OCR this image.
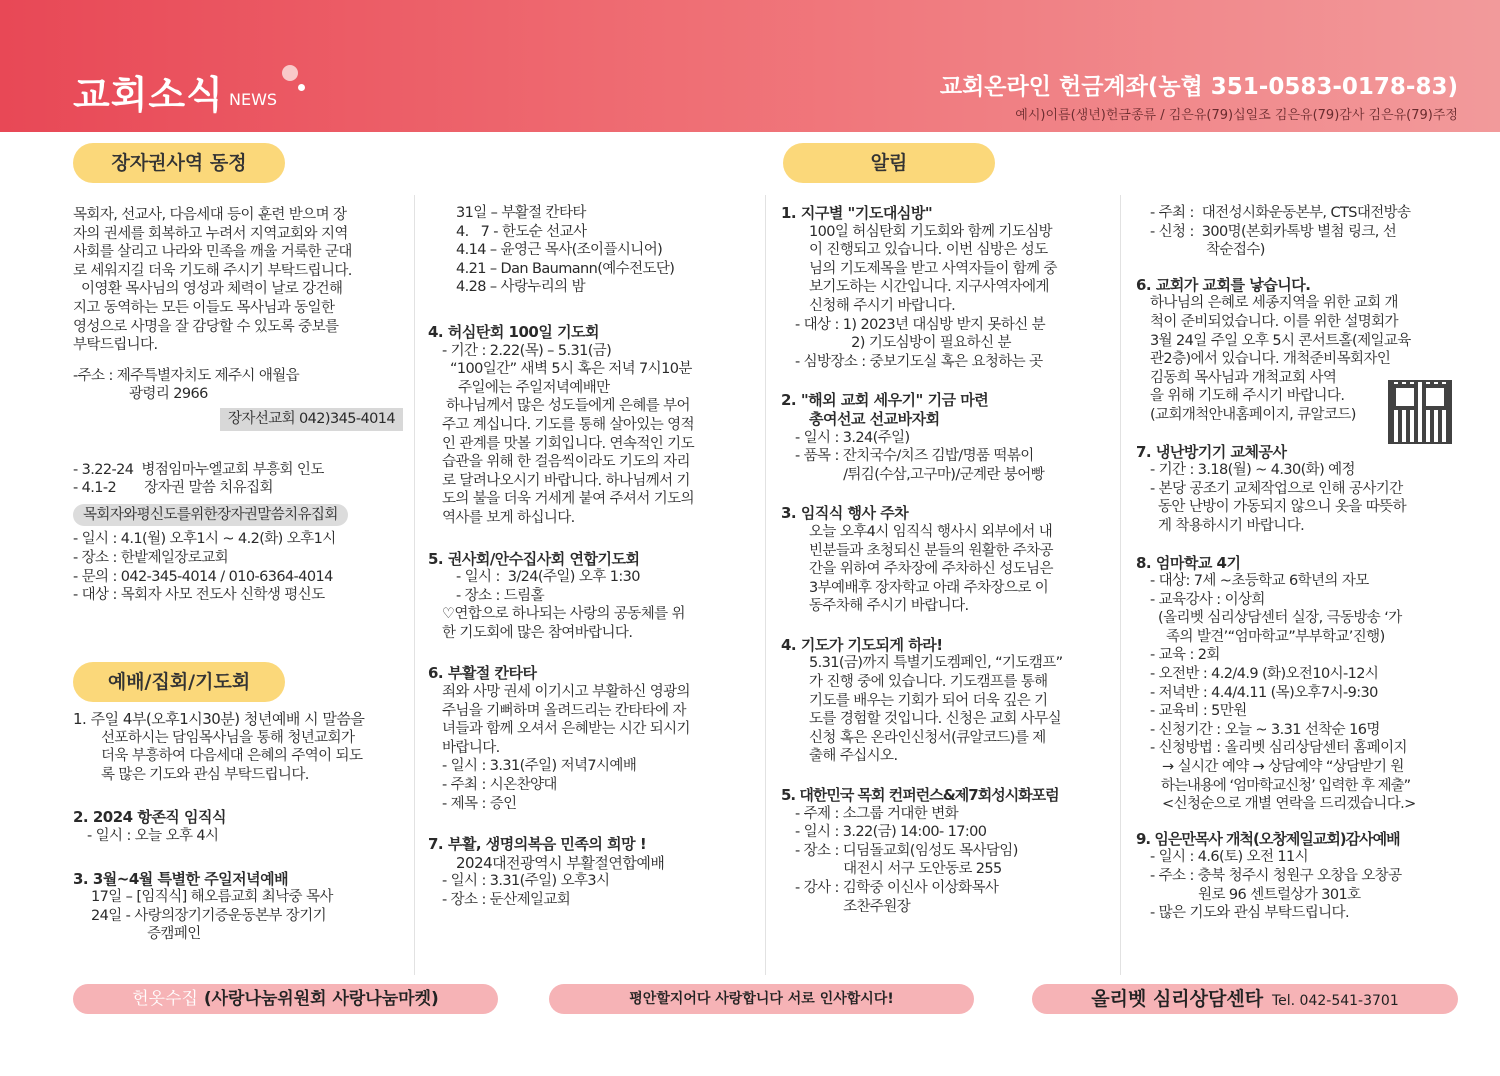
교회소식 NEWS	교회온라인 헌금계좌(농협 351-0583-0178-83)
예시)이름(생년)헌금종류 / 김은유(79)십일조 김은유(79)감사 김은유(79)주정
장자권사역 동정	알림

목회자, 선교사, 다음세대 등이 훈련 받으며 장

자의 권세를 회복하고 누려서 지역교회와 지역

사회를 살리고 나라와 민족을 깨울 거룩한 군대

로 세워지길 더욱 기도해 주시기 부탁드립니다.

이영환 목사님의 영성과 체력이 날로 강건해

지고 동역하는 모든 이들도 목사님과 동일한

영성으로 사명을 잘 감당할 수 있도록 중보를

부탁드립니다.

-주소 : 제주특별자치도 제주시 애월읍

광령리 2966

장자선교회 042)345-4014

- 3.22-24  병점임마누엘교회 부흥회 인도

- 4.1-2       장자권 말씀 치유집회

목회자와평신도를위한장자권말씀치유집회

- 일시 : 4.1(월) 오후1시 ~ 4.2(화) 오후1시

- 장소 : 한밭제일장로교회

- 문의 : 042-345-4014 / 010-6364-4014

- 대상 : 목회자 사모 전도사 신학생 평신도

예배/집회/기도회

1. 주일 4부(오후1시30분) 청년예배 시 말씀을

선포하시는 담임목사님을 통해 청년교회가

더욱 부흥하여 다음세대 은혜의 주역이 되도

록 많은 기도와 관심 부탁드립니다.

2. 2024 항존직 임직식

- 일시 : 오늘 오후 4시

3. 3월~4월 특별한 주일저녁예배

17일 – [임직식] 해오름교회 최낙중 목사

24일 - 사랑의장기기증운동본부 장기기

증캠페인

31일 – 부활절 칸타타

4.   7 - 한도순 선교사

4.14 – 윤영근 목사(조이플시니어)

4.21 – Dan Baumann(예수전도단)

4.28 – 사랑누리의 밤

4. 허심탄회 100일 기도회

- 기간 : 2.22(목) – 5.31(금)

“100일간” 새벽 5시 혹은 저녁 7시10분

주일에는 주일저녁예배만

하나님께서 많은 성도들에게 은혜를 부어

주고 계십니다. 기도를 통해 살아있는 영적

인 관계를 맛볼 기회입니다. 연속적인 기도

습관을 위해 한 걸음씩이라도 기도의 자리

로 달려나오시기 바랍니다. 하나님께서 기

도의 불을 더욱 거세게 붙여 주셔서 기도의

역사를 보게 하십니다.

5. 권사회/안수집사회 연합기도회

- 일시 :  3/24(주일) 오후 1:30

- 장소 : 드림홀

♡연합으로 하나되는 사랑의 공동체를 위

한 기도회에 많은 참여바랍니다.

6. 부활절 칸타타

죄와 사망 권세 이기시고 부활하신 영광의

주님을 기뻐하며 올려드리는 칸타타에 자

녀들과 함께 오셔서 은혜받는 시간 되시기

바랍니다.

- 일시 : 3.31(주일) 저녁7시예배

- 주최 : 시온찬양대

- 제목 : 증인

7. 부활, 생명의복음 민족의 희망 !

2024대전광역시 부활절연합예배

- 일시 : 3.31(주일) 오후3시

- 장소 : 둔산제일교회

1. 지구별 "기도대심방"

100일 허심탄회 기도회와 함께 기도심방

이 진행되고 있습니다. 이번 심방은 성도

님의 기도제목을 받고 사역자들이 함께 중

보기도하는 시간입니다. 지구사역자에게

신청해 주시기 바랍니다.

- 대상 : 1) 2023년 대심방 받지 못하신 분

2) 기도심방이 필요하신 분

- 심방장소 : 중보기도실 혹은 요청하는 곳

2. "해외 교회 세우기" 기금 마련

총여선교 선교바자회

- 일시 : 3.24(주일)

- 품목 : 잔치국수/치즈 김밥/명품 떡볶이

/튀김(수삼,고구마)/군계란 붕어빵

3. 임직식 행사 주차

오늘 오후4시 임직식 행사시 외부에서 내

빈분들과 초청되신 분들의 원활한 주차공

간을 위하여 주차장에 주차하신 성도님은

3부예배후 장자학교 아래 주차장으로 이

동주차해 주시기 바랍니다.

4. 기도가 기도되게 하라!

5.31(금)까지 특별기도켐페인, “기도캠프”

가 진행 중에 있습니다. 기도캠프를 통해

기도를 배우는 기회가 되어 더욱 깊은 기

도를 경험할 것입니다. 신청은 교회 사무실

신청 혹은 온라인신청서(큐알코드)를 제

출해 주십시오.

5. 대한민국 목회 컨퍼런스&제7회성시화포럼

- 주제 : 소그룹 거대한 변화

- 일시 : 3.22(금) 14:00- 17:00

- 장소 : 디딤돌교회(임성도 목사담임)

대전시 서구 도안동로 255

- 강사 : 김학중 이신사 이상화목사

조찬주원장

- 주최 :  대전성시화운동본부, CTS대전방송

- 신청 :  300명(본회카톡방 별첨 링크, 선

착순접수)

6. 교회가 교회를 낳습니다.

하나님의 은혜로 세종지역을 위한 교회 개

척이 준비되었습니다. 이를 위한 설명회가

3월 24일 주일 오후 5시 콘서트홀(제일교육

관2층)에서 있습니다. 개척준비목회자인

김동희 목사님과 개척교회 사역

을 위해 기도해 주시기 바랍니다.

(교회개척안내홈페이지, 큐알코드)

7. 냉난방기기 교체공사

- 기간 : 3.18(월) ~ 4.30(화) 예정

- 본당 공조기 교체작업으로 인해 공사기간

동안 난방이 가동되지 않으니 옷을 따뜻하

게 착용하시기 바랍니다.

8. 엄마학교 4기

- 대상: 7세 ~초등학교 6학년의 자모

- 교육강사 : 이상희

(올리벳 심리상담센터 실장, 극동방송 ‘가

족의 발견’“엄마학교”부부학교’진행)

- 교육 : 2회

- 오전반 : 4.2/4.9 (화)오전10시-12시

- 저녁반 : 4.4/4.11 (목)오후7시-9:30

- 교육비 : 5만원

- 신청기간 : 오늘 ~ 3.31 선착순 16명

- 신청방법 : 올리벳 심리상담센터 홈페이지

→ 실시간 예약 → 상담예약 “상담받기 원

하는내용에 ‘엄마학교신청’ 입력한 후 제출”

<신청순으로 개별 연락을 드리겠습니다.>

9. 임은만목사 개척(오창제일교회)감사예배

- 일시 : 4.6(토) 오전 11시

- 주소 : 충북 청주시 청원구 오창읍 오창공

원로 96 센트럴상가 301호

- 많은 기도와 관심 부탁드립니다.

헌옷수집 (사랑나눔위원회 사랑나눔마켓)	평안할지어다 사랑합니다 서로 인사합시다!	올리벳 심리상담센타  Tel. 042-541-3701
